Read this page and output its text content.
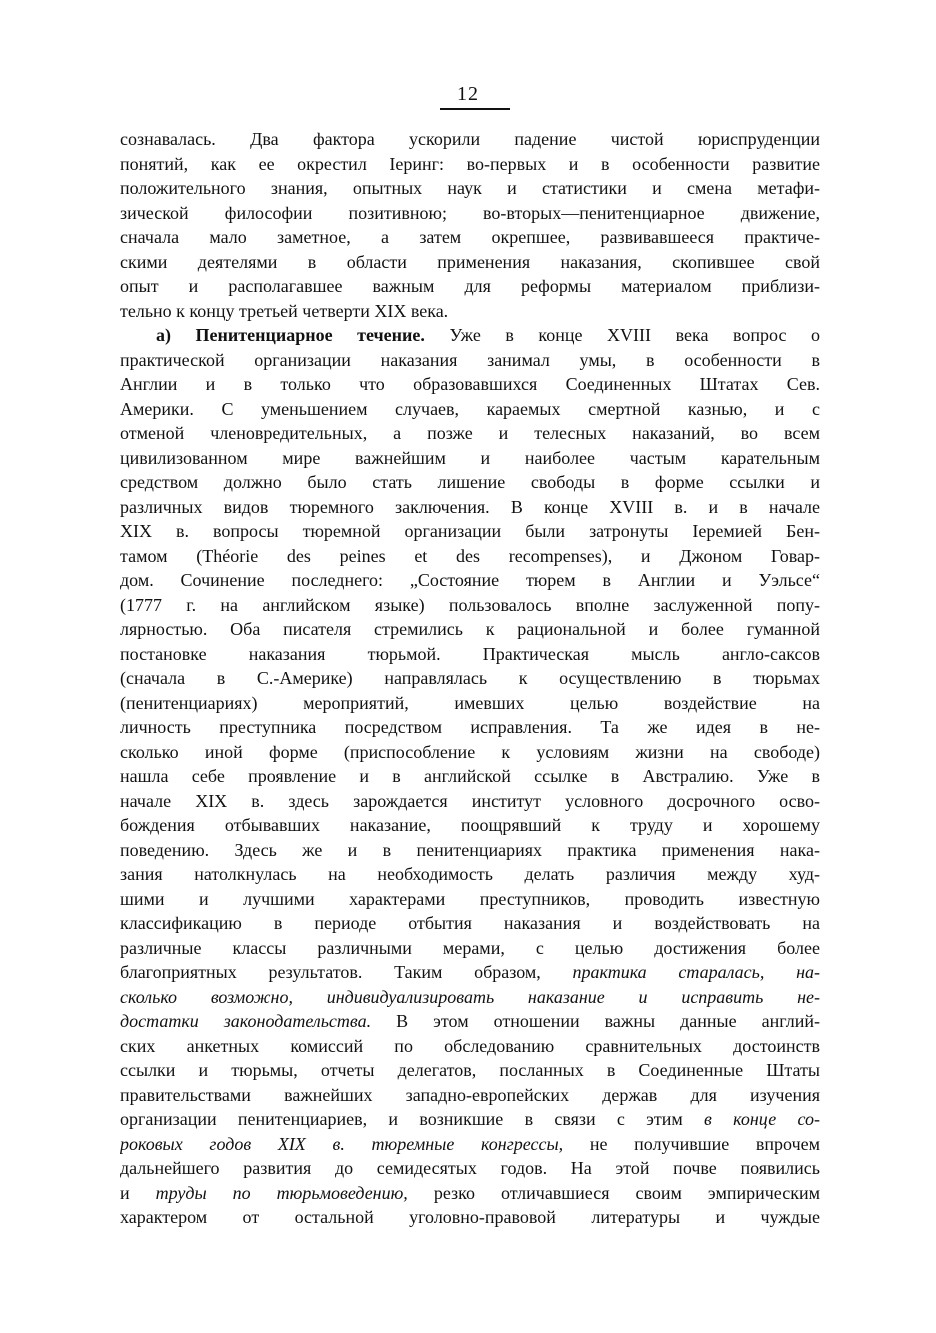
12
сознавалась. Два фактора ускорили падение чистой юриспруденции
понятий, как ее окрестил Іеринг: во-первых и в особенности развитие
положительного знания, опытных наук и статистики и смена метафи-
зической философии позитивною; во-вторых—пенитенциарное движение,
сначала мало заметное, а затем окрепшее, развивавшееся практиче-
скими деятелями в области применения наказания, скопившее свой
опыт и располагавшее важным для реформы материалом приблизи-
тельно к концу третьей четверти XIX века.
а) Пенитенциарное течение. Уже в конце XVIII века вопрос о
практической организации наказания занимал умы, в особенности в
Англии и в только что образовавшихся Соединенных Штатах Сев.
Америки. С уменьшением случаев, караемых смертной казнью, и с
отменой членовредительных, а позже и телесных наказаний, во всем
цивилизованном мире важнейшим и наиболее частым карательным
средством должно было стать лишение свободы в форме ссылки и
различных видов тюремного заключения. В конце XVIII в. и в начале
XIX в. вопросы тюремной организации были затронуты Іеремией Бен-
тамом (Théorie des peines et des recompenses), и Джоном Говар-
дом. Сочинение последнего: „Состояние тюрем в Англии и Уэльсе“
(1777 г. на английском языке) пользовалось вполне заслуженной попу-
лярностью. Оба писателя стремились к рациональной и более гуманной
постановке наказания тюрьмой. Практическая мысль англо-саксов
(сначала в С.-Америке) направлялась к осуществлению в тюрьмах
(пенитенциариях) мероприятий, имевших целью воздействие на
личность преступника посредством исправления. Та же идея в не-
сколько иной форме (приспособление к условиям жизни на свободе)
нашла себе проявление и в английской ссылке в Австралию. Уже в
начале XIX в. здесь зарождается институт условного досрочного осво-
бождения отбывавших наказание, поощрявший к труду и хорошему
поведению. Здесь же и в пенитенциариях практика применения нака-
зания натолкнулась на необходимость делать различия между худ-
шими и лучшими характерами преступников, проводить известную
классификацию в периоде отбытия наказания и воздействовать на
различные классы различными мерами, с целью достижения более
благоприятных результатов. Таким образом, практика старалась, на-
сколько возможно, индивидуализировать наказание и исправить не-
достатки законодательства. В этом отношении важны данные англий-
ских анкетных комиссий по обследованию сравнительных достоинств
ссылки и тюрьмы, отчеты делегатов, посланных в Соединенные Штаты
правительствами важнейших западно-европейских держав для изучения
организации пенитенциариев, и возникшие в связи с этим в конце со-
роковых годов XIX в. тюремные конгрессы, не получившие впрочем
дальнейшего развития до семидесятых годов. На этой почве появились
и труды по тюрьмоведению, резко отличавшиеся своим эмпирическим
характером от остальной уголовно-правовой литературы и чуждые
